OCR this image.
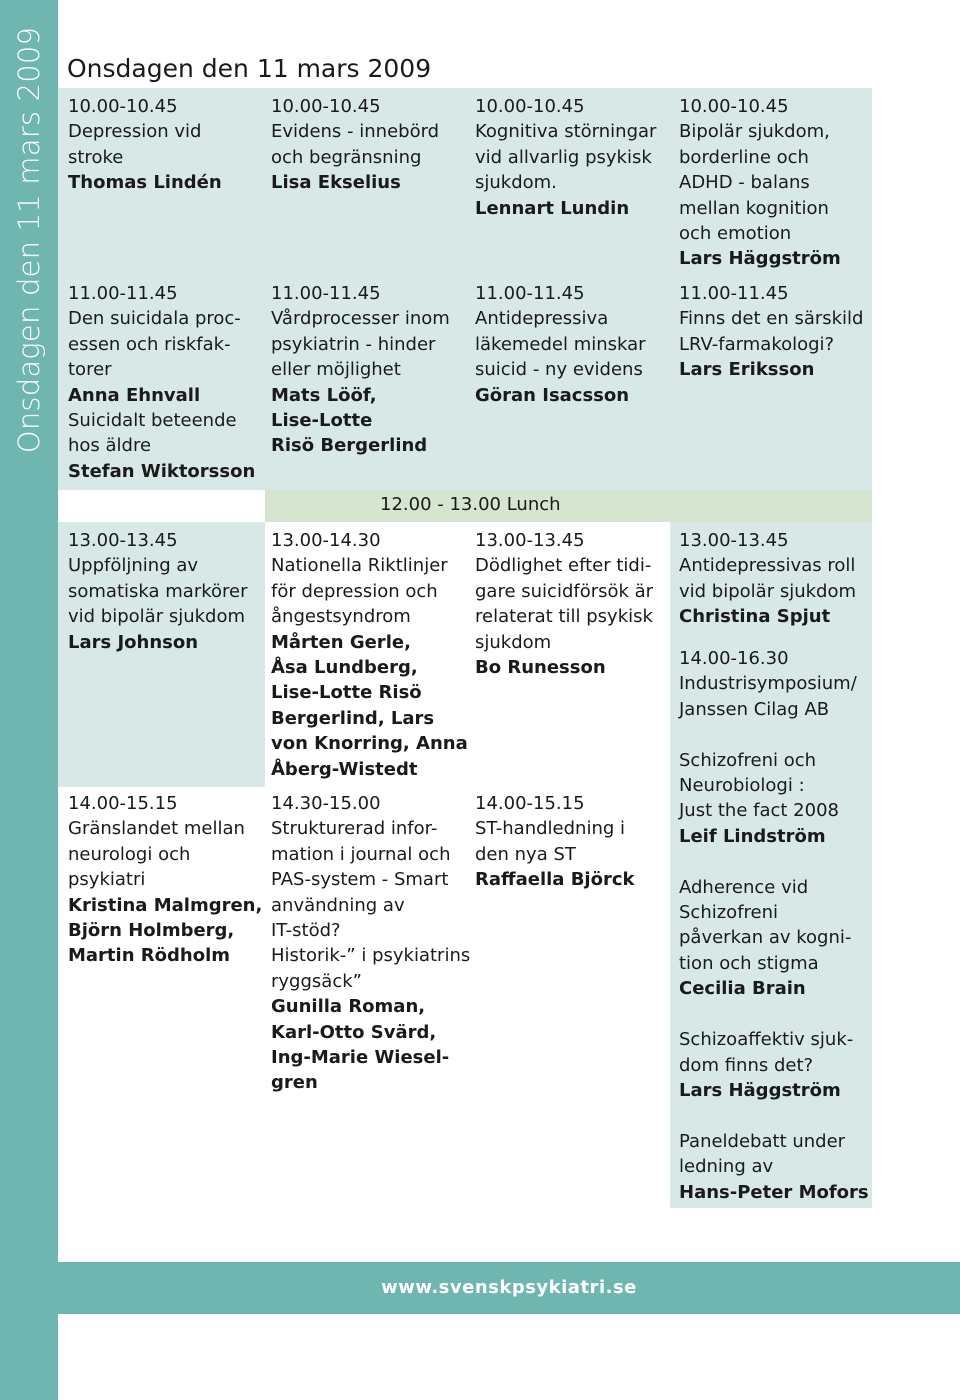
Onsdagen den 11 mars 2009 Onsdagen den 11 mars 2009
12.00 - 13.00 Lunch
10.00-10.45
Depression vid
stroke
Thomas Lindén
10.00-10.45
Evidens - innebörd
och begränsning
Lisa Ekselius
10.00-10.45
Kognitiva störningar
vid allvarlig psykisk
sjukdom.
Lennart Lundin
10.00-10.45
Bipolär sjukdom,
borderline och
ADHD - balans
mellan kognition
och emotion
Lars Häggström
11.00-11.45
Den suicidala proc-
essen och riskfak-
torer
Anna Ehnvall
Suicidalt beteende
hos äldre
Stefan Wiktorsson
11.00-11.45
Vårdprocesser inom
psykiatrin - hinder
eller möjlighet
Mats Lööf,
Lise-Lotte
Risö Bergerlind
11.00-11.45
Antidepressiva
läkemedel minskar
suicid - ny evidens
Göran Isacsson
11.00-11.45
Finns det en särskild
LRV-farmakologi?
Lars Eriksson
13.00-13.45
Uppföljning av
somatiska markörer
vid bipolär sjukdom
Lars Johnson
13.00-14.30
Nationella Riktlinjer
för depression och
ångestsyndrom
Mårten Gerle,
Åsa Lundberg,
Lise-Lotte Risö
Bergerlind, Lars
von Knorring, Anna
Åberg-Wistedt
13.00-13.45
Dödlighet efter tidi-
gare suicidförsök är
relaterat till psykisk
sjukdom
Bo Runesson
13.00-13.45
Antidepressivas roll
vid bipolär sjukdom
Christina Spjut
14.00-15.15
Gränslandet mellan
neurologi och
psykiatri
Kristina Malmgren,
Björn Holmberg,
Martin Rödholm
14.30-15.00
Strukturerad infor-
mation i journal och
PAS-system - Smart
användning av
IT-stöd?
Historik-” i psykiatrins
ryggsäck”
Gunilla Roman,
Karl-Otto Svärd,
Ing-Marie Wiesel-
gren
14.00-15.15
ST-handledning i
den nya ST
Raffaella Björck
14.00-16.30
Industrisymposium/
Janssen Cilag AB

Schizofreni och
Neurobiologi :
Just the fact 2008
Leif Lindström

Adherence vid
Schizofreni
påverkan av kogni-
tion och stigma
Cecilia Brain

Schizoaffektiv sjuk-
dom finns det?
Lars Häggström

Paneldebatt under
ledning av
Hans-Peter Mofors
www.svenskpsykiatri.se
